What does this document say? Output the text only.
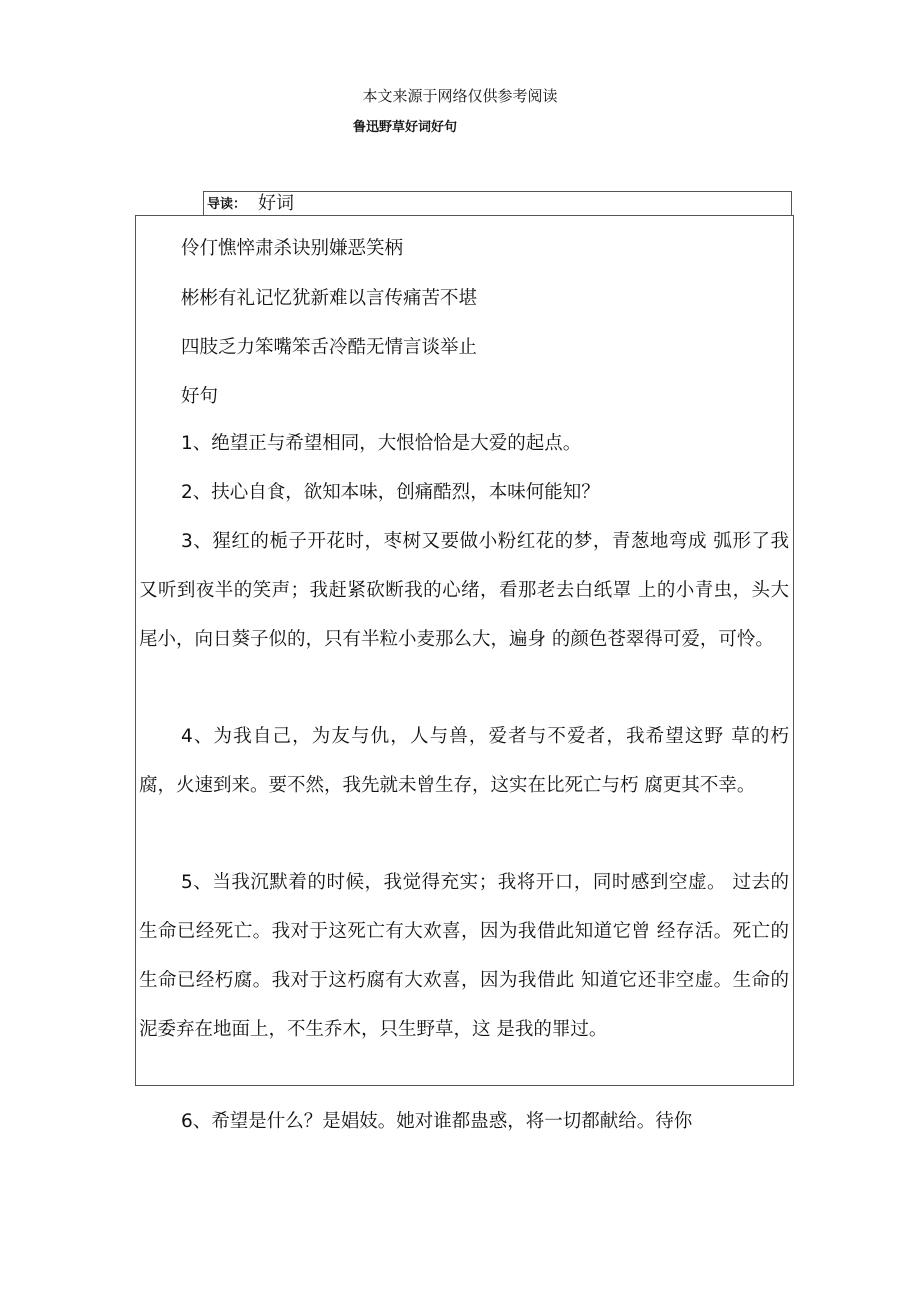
本文来源于网络仅供参考阅读
鲁迅野草好词好句
导读： 好词
伶仃憔悴肃杀诀别嫌恶笑柄
彬彬有礼记忆犹新难以言传痛苦不堪
四肢乏力笨嘴笨舌冷酷无情言谈举止
好句
1、绝望正与希望相同，大恨恰恰是大爱的起点。
2、扶心自食，欲知本味，创痛酷烈，本味何能知？
3、猩红的栀子开花时，枣树又要做小粉红花的梦，青葱地弯成 弧形了我又听到夜半的笑声；我赶紧砍断我的心绪，看那老去白纸罩 上的小青虫，头大尾小，向日葵子似的，只有半粒小麦那么大，遍身 的颜色苍翠得可爱，可怜。
4、为我自己，为友与仇，人与兽，爱者与不爱者，我希望这野 草的朽腐，火速到来。要不然，我先就未曾生存，这实在比死亡与朽 腐更其不幸。
5、当我沉默着的时候，我觉得充实；我将开口，同时感到空虚。 过去的生命已经死亡。我对于这死亡有大欢喜，因为我借此知道它曾 经存活。死亡的生命已经朽腐。我对于这朽腐有大欢喜，因为我借此 知道它还非空虚。生命的泥委弃在地面上，不生乔木，只生野草，这 是我的罪过。
6、希望是什么？是娼妓。她对谁都蛊惑，将一切都献给。待你
